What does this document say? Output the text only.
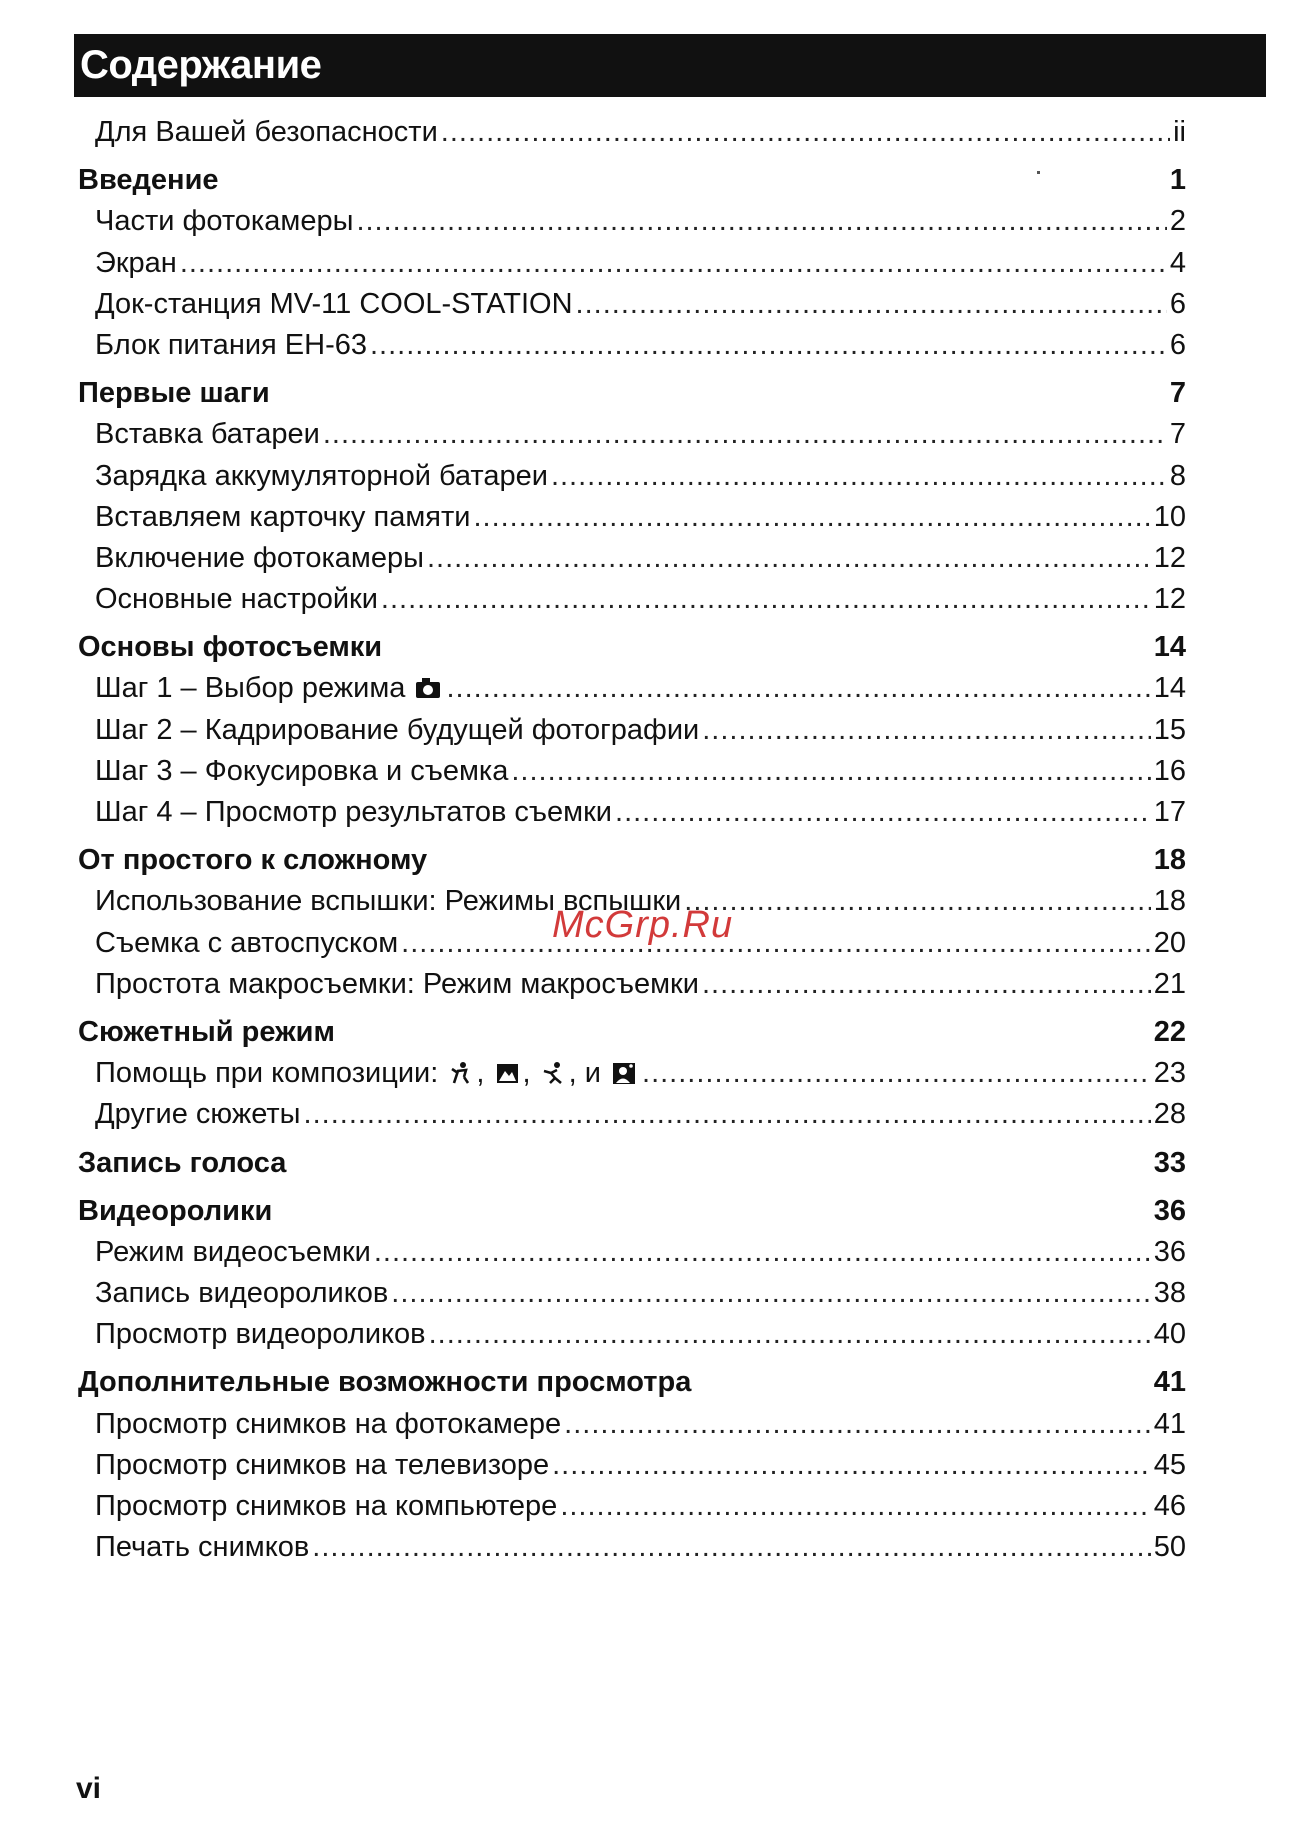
Содержание
Для Вашей безопасности .....	ii
Введение	1
Части фотокамеры .....	2
Экран .....	4
Док-станция MV-11 COOL-STATION .....	6
Блок питания EH-63 .....	6
Первые шаги	7
Вставка батареи .....	7
Зарядка аккумуляторной батареи .....	8
Вставляем карточку памяти .....	10
Включение фотокамеры .....	12
Основные настройки .....	12
Основы фотосъемки	14
Шаг 1 – Выбор режима .....	14
Шаг 2 – Кадрирование будущей фотографии .....	15
Шаг 3 – Фокусировка и съемка .....	16
Шаг 4 – Просмотр результатов съемки .....	17
От простого к сложному	18
Использование вспышки: Режимы вспышки .....	18
Съемка с автоспуском .....	20
Простота макросъемки: Режим макросъемки .....	21
Сюжетный режим	22
Помощь при композиции: , , , и .....	23
Другие сюжеты .....	28
Запись голоса	33
Видеоролики	36
Режим видеосъемки .....	36
Запись видеороликов .....	38
Просмотр видеороликов .....	40
Дополнительные возможности просмотра	41
Просмотр снимков на фотокамере .....	41
Просмотр снимков на телевизоре .....	45
Просмотр снимков на компьютере .....	46
Печать снимков .....	50
McGrp.Ru
vi
